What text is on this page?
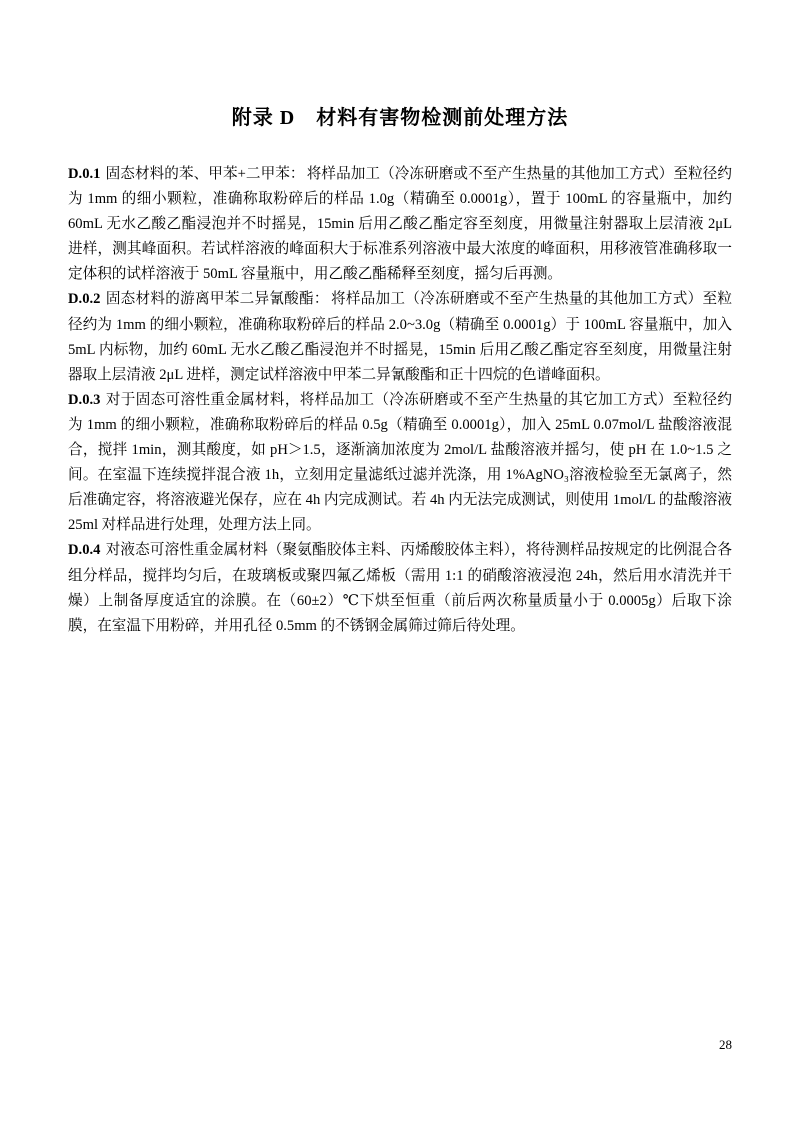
附录 D 材料有害物检测前处理方法

D.0.1 固态材料的苯、甲苯+二甲苯： 将样品加工（冷冻研磨或不至产生热量的其他加工方式）至粒径约为 1mm 的细小颗粒，准确称取粉碎后的样品 1.0g（精确至 0.0001g），置于 100mL 的容量瓶中，加约 60mL 无水乙酸乙酯浸泡并不时摇晃，15min 后用乙酸乙酯定容至刻度，用微量注射器取上层清液 2μL 进样，测其峰面积。若试样溶液的峰面积大于标准系列溶液中最大浓度的峰面积，用移液管准确移取一定体积的试样溶液于 50mL 容量瓶中，用乙酸乙酯稀释至刻度，摇匀后再测。

D.0.2 固态材料的游离甲苯二异氰酸酯： 将样品加工（冷冻研磨或不至产生热量的其他加工方式）至粒径约为 1mm 的细小颗粒，准确称取粉碎后的样品 2.0~3.0g（精确至 0.0001g）于 100mL 容量瓶中，加入 5mL 内标物，加约 60mL 无水乙酸乙酯浸泡并不时摇晃，15min 后用乙酸乙酯定容至刻度，用微量注射器取上层清液 2μL 进样，测定试样溶液中甲苯二异氰酸酯和正十四烷的色谱峰面积。

D.0.3 对于固态可溶性重金属材料，将样品加工（冷冻研磨或不至产生热量的其它加工方式）至粒径约为 1mm 的细小颗粒，准确称取粉碎后的样品 0.5g（精确至 0.0001g），加入 25mL 0.07mol/L 盐酸溶液混合，搅拌 1min，测其酸度，如 pH＞1.5，逐渐滴加浓度为 2mol/L 盐酸溶液并摇匀，使 pH 在 1.0~1.5 之间。在室温下连续搅拌混合液 1h，立刻用定量滤纸过滤并洗涤，用 1%AgNO₃溶液检验至无氯离子，然后准确定容，将溶液避光保存，应在 4h 内完成测试。若 4h 内无法完成测试，则使用 1mol/L 的盐酸溶液 25ml 对样品进行处理，处理方法上同。

D.0.4 对液态可溶性重金属材料（聚氨酯胶体主料、丙烯酸胶体主料），将待测样品按规定的比例混合各组分样品，搅拌均匀后，在玻璃板或聚四氟乙烯板（需用 1:1 的硝酸溶液浸泡 24h，然后用水清洗并干燥）上制备厚度适宜的涂膜。在（60±2）℃下烘至恒重（前后两次称量质量小于 0.0005g）后取下涂膜，在室温下用粉碎，并用孔径 0.5mm 的不锈钢金属筛过筛后待处理。

28
